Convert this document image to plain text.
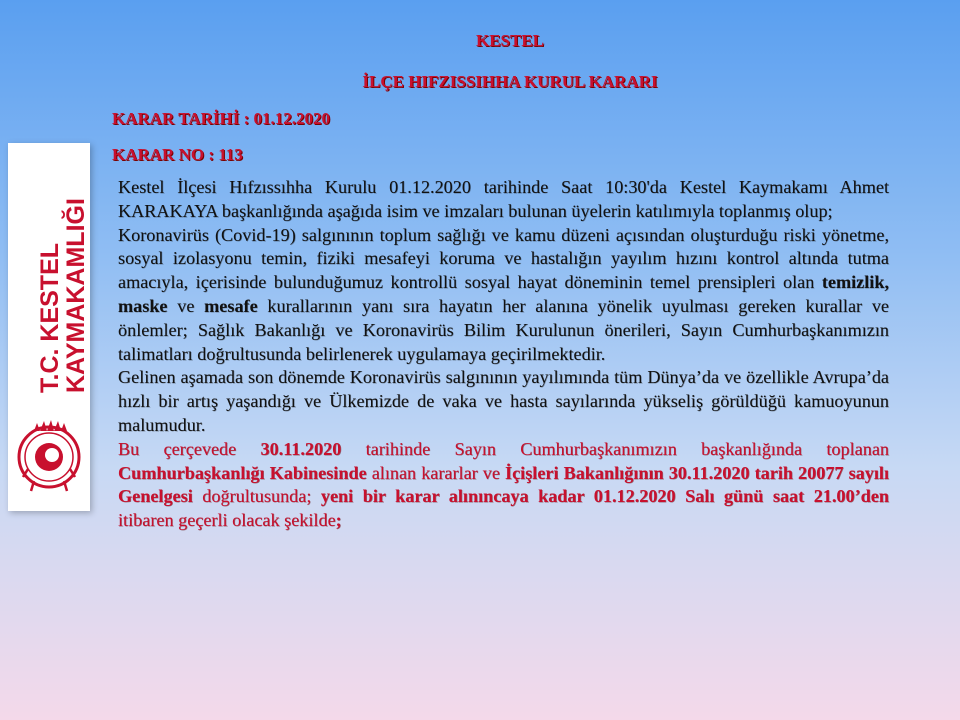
KESTEL
İLÇE HIFZISSIHHA KURUL KARARI
KARAR TARİHİ : 01.12.2020
KARAR NO : 113
T.C. KESTEL
KAYMAKAMLIĞI

Kestel İlçesi Hıfzıssıhha Kurulu 01.12.2020 tarihinde Saat 10:30'da Kestel Kaymakamı Ahmet KARAKAYA başkanlığında aşağıda isim ve imzaları bulunan üyelerin katılımıyla toplanmış olup;

Koronavirüs (Covid-19) salgınının toplum sağlığı ve kamu düzeni açısından oluşturduğu riski yönetme, sosyal izolasyonu temin, fiziki mesafeyi koruma ve hastalığın yayılım hızını kontrol altında tutma amacıyla, içerisinde bulunduğumuz kontrollü sosyal hayat döneminin temel prensipleri olan temizlik, maske ve mesafe kurallarının yanı sıra hayatın her alanına yönelik uyulması gereken kurallar ve önlemler; Sağlık Bakanlığı ve Koronavirüs Bilim Kurulunun önerileri, Sayın Cumhurbaşkanımızın talimatları doğrultusunda belirlenerek uygulamaya geçirilmektedir.

Gelinen aşamada son dönemde Koronavirüs salgınının yayılımında tüm Dünya’da ve özellikle Avrupa’da hızlı bir artış yaşandığı ve Ülkemizde de vaka ve hasta sayılarında yükseliş görüldüğü kamuoyunun malumudur.

Bu çerçevede 30.11.2020 tarihinde Sayın Cumhurbaşkanımızın başkanlığında toplanan Cumhurbaşkanlığı Kabinesinde alınan kararlar ve İçişleri Bakanlığının 30.11.2020 tarih 20077 sayılı Genelgesi doğrultusunda; yeni bir karar alınıncaya kadar 01.12.2020 Salı günü saat 21.00’den itibaren geçerli olacak şekilde;
